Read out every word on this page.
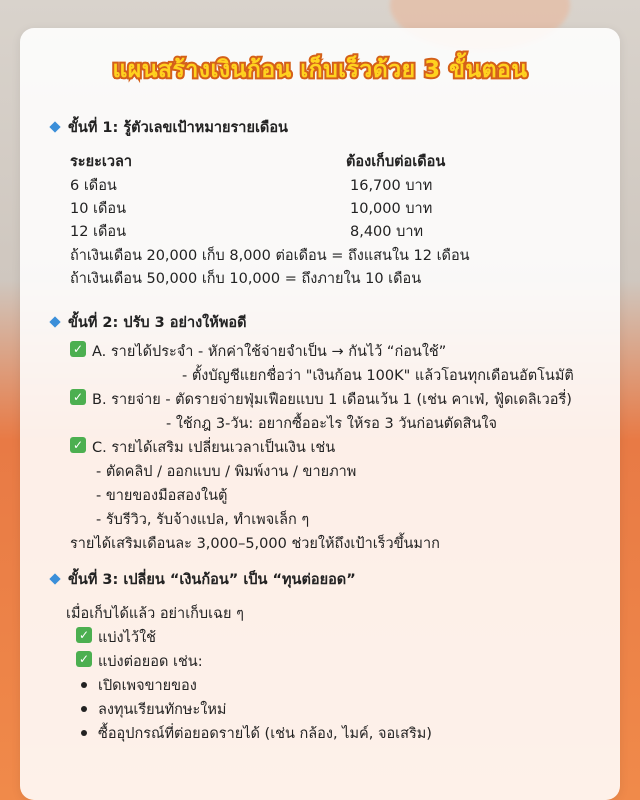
แผนสร้างเงินก้อน เก็บเร็วด้วย 3 ขั้นตอน
ขั้นที่ 1: รู้ตัวเลขเป้าหมายรายเดือน
ระยะเวลา	ต้องเก็บต่อเดือน
6 เดือน	16,700 บาท
10 เดือน	10,000 บาท
12 เดือน	8,400 บาท
ถ้าเงินเดือน 20,000 เก็บ 8,000 ต่อเดือน = ถึงแสนใน 12 เดือน
ถ้าเงินเดือน 50,000 เก็บ 10,000 = ถึงภายใน 10 เดือน
ขั้นที่ 2: ปรับ 3 อย่างให้พอดี
✓ A. รายได้ประจำ - หักค่าใช้จ่ายจำเป็น → กันไว้ “ก่อนใช้”
- ตั้งบัญชีแยกชื่อว่า "เงินก้อน 100K" แล้วโอนทุกเดือนอัตโนมัติ
✓ B. รายจ่าย - ตัดรายจ่ายฟุ่มเฟือยแบบ 1 เดือนเว้น 1 (เช่น คาเฟ่, ฟู้ดเดลิเวอรี่)
- ใช้กฎ 3-วัน: อยากซื้ออะไร ให้รอ 3 วันก่อนตัดสินใจ
✓ C. รายได้เสริม เปลี่ยนเวลาเป็นเงิน เช่น
- ตัดคลิป / ออกแบบ / พิมพ์งาน / ขายภาพ
- ขายของมือสองในตู้
- รับรีวิว, รับจ้างแปล, ทำเพจเล็ก ๆ
รายได้เสริมเดือนละ 3,000–5,000 ช่วยให้ถึงเป้าเร็วขึ้นมาก
ขั้นที่ 3: เปลี่ยน “เงินก้อน” เป็น “ทุนต่อยอด”
เมื่อเก็บได้แล้ว อย่าเก็บเฉย ๆ
✓ แบ่งไว้ใช้
✓ แบ่งต่อยอด เช่น:
เปิดเพจขายของ
ลงทุนเรียนทักษะใหม่
ซื้ออุปกรณ์ที่ต่อยอดรายได้ (เช่น กล้อง, ไมค์, จอเสริม)
